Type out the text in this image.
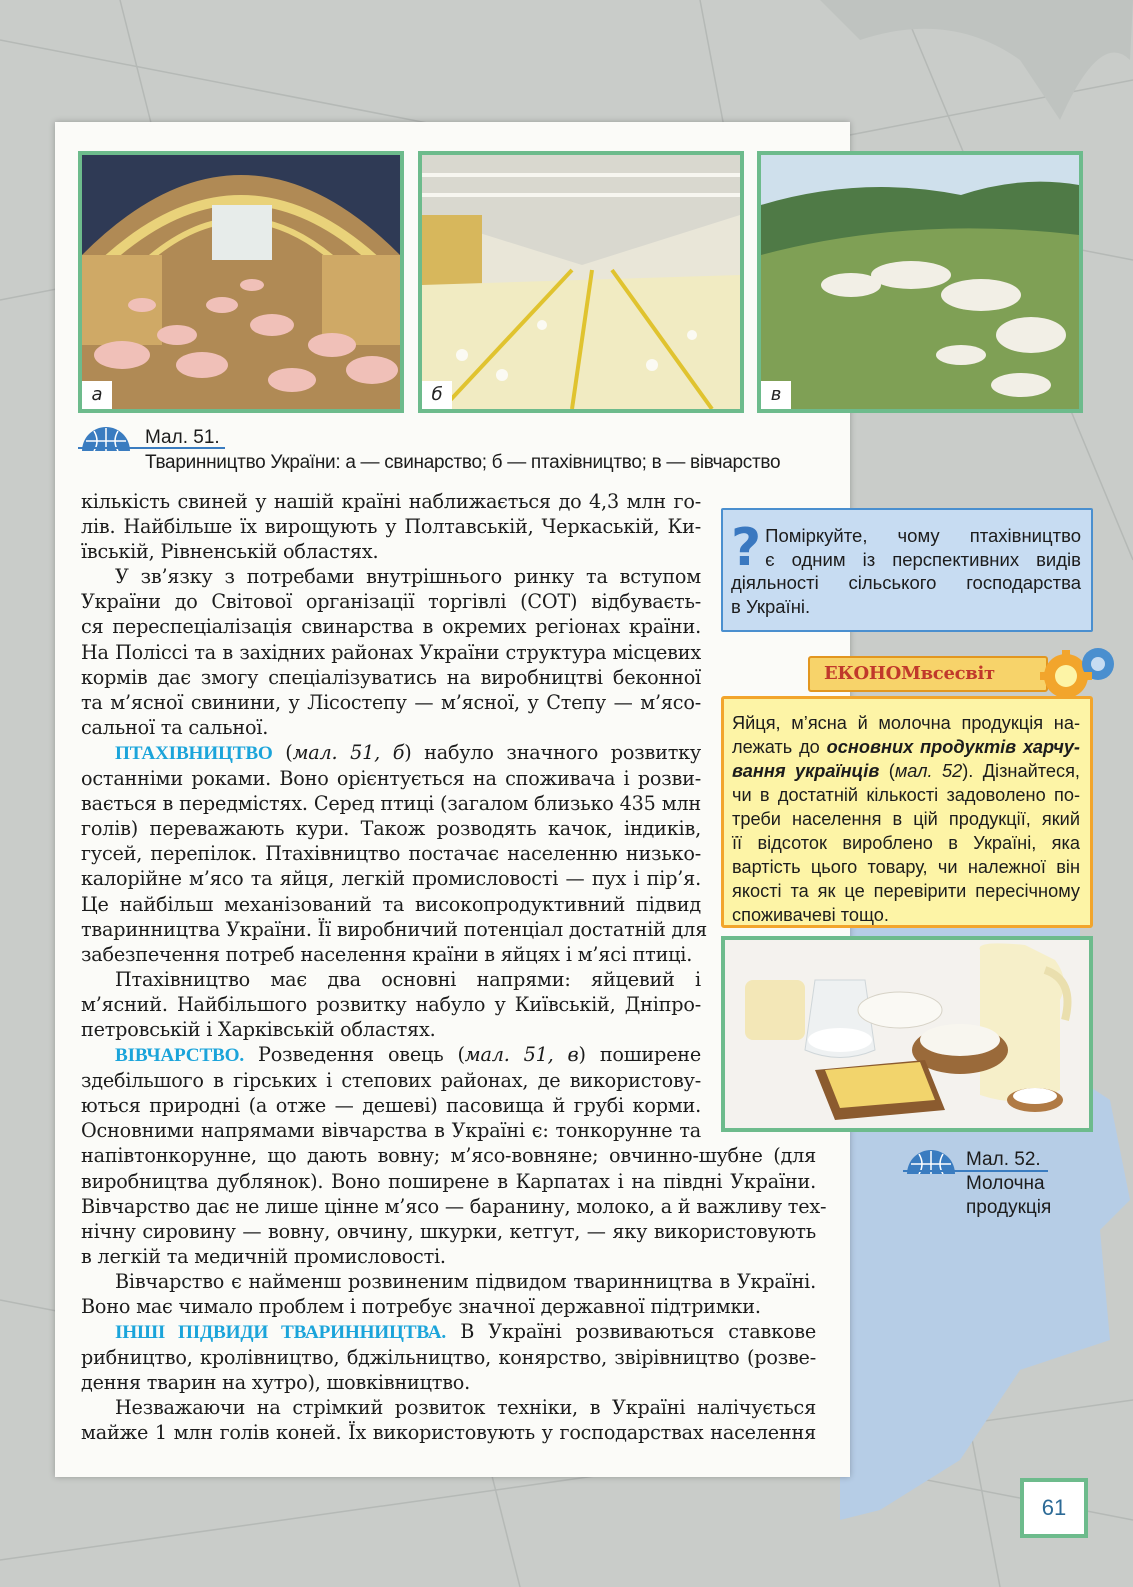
а	б	в
Мал. 51.
Тваринництво України: а — свинарство; б — птахівництво; в — вівчарство

кількість свиней у нашій країні наближається до 4,3 млн го-
лів. Найбільше їх вирощують у Полтавській, Черкаській, Ки-
ївській, Рівненській областях.

У зв’язку з потребами внутрішнього ринку та вступом
України до Світової організації торгівлі (СОТ) відбуваєть-
ся переспеціалізація свинарства в окремих регіонах країни.
На Поліссі та в західних районах України структура місцевих
кормів дає змогу спеціалізуватись на виробництві беконної
та м’ясної свинини, у Лісостепу — м’ясної, у Степу — м’ясо-
сальної та сальної.

ПТАХІВНИЦТВО (мал. 51, б) набуло значного розвитку
останніми роками. Воно орієнтується на споживача і розви-
вається в передмістях. Серед птиці (загалом близько 435 млн
голів) переважають кури. Також розводять качок, індиків,
гусей, перепілок. Птахівництво постачає населенню низько-
калорійне м’ясо та яйця, легкій промисловості — пух і пір’я.
Це найбільш механізований та високопродуктивний підвид
тваринництва України. Її виробничий потенціал достатній для
забезпечення потреб населення країни в яйцях і м’ясі птиці.

Птахівництво має два основні напрями: яйцевий і
м’ясний. Найбільшого розвитку набуло у Київській, Дніпро-
петровській і Харківській областях.

ВІВЧАРСТВО. Розведення овець (мал. 51, в) поширене
здебільшого в гірських і степових районах, де використову-
ються природні (а отже — дешеві) пасовища й грубі корми.
Основними напрямами вівчарства в Україні є: тонкорунне та
напівтонкорунне, що дають вовну; м’ясо-вовняне; овчинно-шубне (для
виробництва дублянок). Воно поширене в Карпатах і на півдні України.
Вівчарство дає не лише цінне м’ясо — баранину, молоко, а й важливу тех-
нічну сировину — вовну, овчину, шкурки, кетгут, — яку використовують
в легкій та медичній промисловості.

Вівчарство є найменш розвиненим підвидом тваринництва в Україні.
Воно має чимало проблем і потребує значної державної підтримки.

ІНШІ ПІДВИДИ ТВАРИННИЦТВА. В Україні розвиваються ставкове
рибництво, кролівництво, бджільництво, конярство, звірівництво (розве-
дення тварин на хутро), шовківництво.

Незважаючи на стрімкий розвиток техніки, в Україні налічується
майже 1 млн голів коней. Їх використовують у господарствах населення

? Поміркуйте, чому птахівництво
є одним із перспективних видів
діяльності сільського господарства
в Україні.
ЕКОНОМвсесвіт
Яйця, м’ясна й молочна продукція на-
лежать до основних продуктів харчу-
вання українців (мал. 52). Дізнайтеся,
чи в достатній кількості задоволено по-
треби населення в цій продукції, який
її відсоток вироблено в Україні, яка
вартість цього товару, чи належної він
якості та як це перевірити пересічному
споживачеві тощо.
Мал. 52.
Молочна
продукція
61
